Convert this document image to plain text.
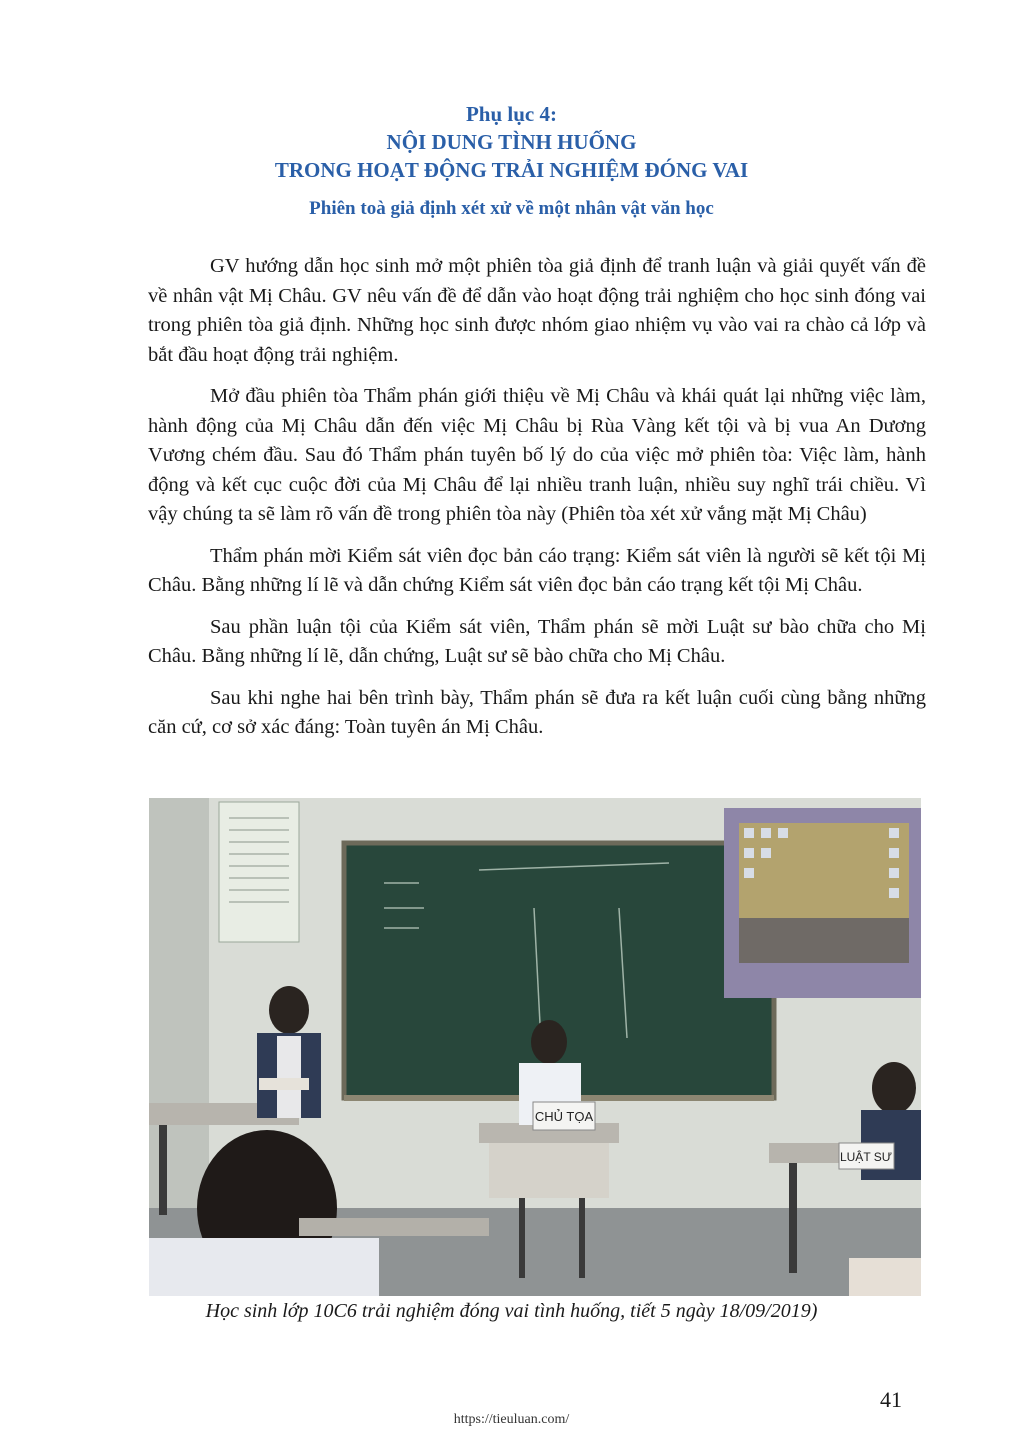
Phụ lục 4:
NỘI DUNG TÌNH HUỐNG
TRONG HOẠT ĐỘNG TRẢI NGHIỆM ĐÓNG VAI
Phiên toà giả định xét xử về một nhân vật văn học

GV hướng dẫn học sinh mở một phiên tòa giả định để tranh luận và giải quyết vấn đề về nhân vật Mị Châu. GV nêu vấn đề để dẫn vào hoạt động trải nghiệm cho học sinh đóng vai trong phiên tòa giả định. Những học sinh được nhóm giao nhiệm vụ vào vai ra chào cả lớp và bắt đầu hoạt động trải nghiệm.

Mở đầu phiên tòa Thẩm phán giới thiệu về Mị Châu và khái quát lại những việc làm, hành động của Mị Châu dẫn đến việc Mị Châu bị Rùa Vàng kết tội và bị vua An Dương Vương chém đầu. Sau đó Thẩm phán tuyên bố lý do của việc mở phiên tòa: Việc làm, hành động và kết cục cuộc đời của Mị Châu để lại nhiều tranh luận, nhiều suy nghĩ trái chiều. Vì vậy chúng ta sẽ làm rõ vấn đề trong phiên tòa này (Phiên tòa xét xử vắng mặt Mị Châu)

Thẩm phán mời Kiểm sát viên đọc bản cáo trạng: Kiểm sát viên là người sẽ kết tội Mị Châu. Bằng những lí lẽ và dẫn chứng Kiểm sát viên đọc bản cáo trạng kết tội Mị Châu.

Sau phần luận tội của Kiểm sát viên, Thẩm phán sẽ mời Luật sư bào chữa cho Mị Châu. Bằng những lí lẽ, dẫn chứng, Luật sư sẽ bào chữa cho Mị Châu.

Sau khi nghe hai bên trình bày, Thẩm phán sẽ đưa ra kết luận cuối cùng bằng những căn cứ, cơ sở xác đáng: Toàn tuyên án Mị Châu.

CHỦ TỌA
LUẬT SƯ
Học sinh lớp 10C6 trải nghiệm đóng vai tình huống, tiết 5 ngày 18/09/2019)
41
https://tieuluan.com/
